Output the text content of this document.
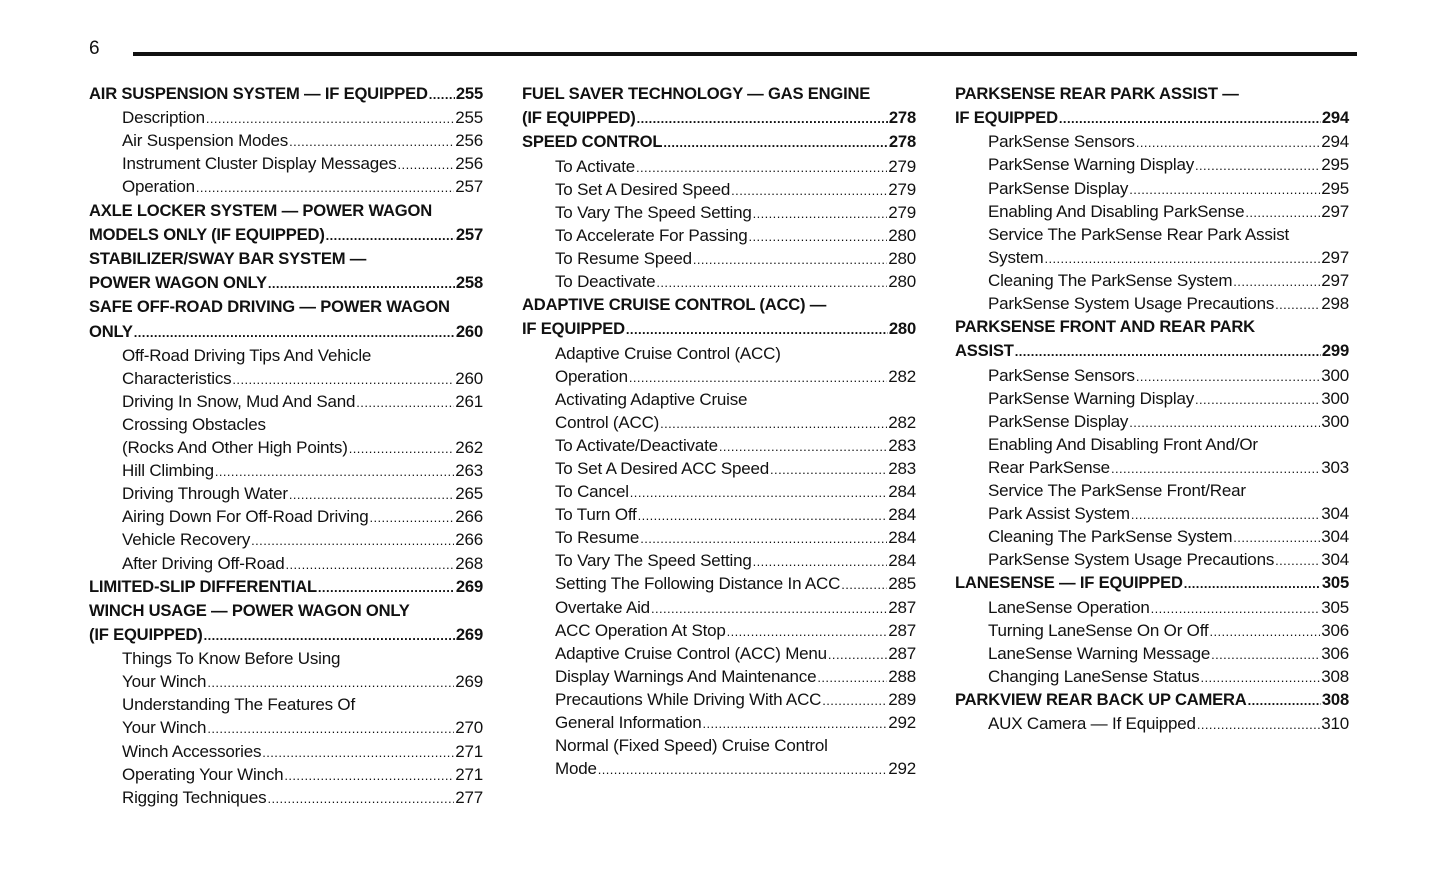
6
AIR SUSPENSION SYSTEM — IF EQUIPPED ..... 255
Description .....	255
Air Suspension Modes .....	256
Instrument Cluster Display Messages .....	256
Operation .....	257
AXLE LOCKER SYSTEM — POWER WAGON
MODELS ONLY (IF EQUIPPED) .....	257
STABILIZER/SWAY BAR SYSTEM —
POWER WAGON ONLY .....	258
SAFE OFF-ROAD DRIVING — POWER WAGON
ONLY .....	260
Off-Road Driving Tips And Vehicle
Characteristics .....	260
Driving In Snow, Mud And Sand .....	261
Crossing Obstacles
(Rocks And Other High Points) .....	262
Hill Climbing .....	263
Driving Through Water .....	265
Airing Down For Off-Road Driving .....	266
Vehicle Recovery .....	266
After Driving Off-Road .....	268
LIMITED-SLIP DIFFERENTIAL .....	269
WINCH USAGE — POWER WAGON ONLY
(IF EQUIPPED) .....	269
Things To Know Before Using
Your Winch .....	269
Understanding The Features Of
Your Winch .....	270
Winch Accessories .....	271
Operating Your Winch .....	271
Rigging Techniques .....	277
FUEL SAVER TECHNOLOGY — GAS ENGINE
(IF EQUIPPED) .....	278
SPEED CONTROL .....	278
To Activate .....	279
To Set A Desired Speed .....	279
To Vary The Speed Setting .....	279
To Accelerate For Passing .....	280
To Resume Speed .....	280
To Deactivate .....	280
ADAPTIVE CRUISE CONTROL (ACC) —
IF EQUIPPED .....	280
Adaptive Cruise Control (ACC)
Operation .....	282
Activating Adaptive Cruise
Control (ACC) .....	282
To Activate/Deactivate .....	283
To Set A Desired ACC Speed .....	283
To Cancel .....	284
To Turn Off .....	284
To Resume .....	284
To Vary The Speed Setting .....	284
Setting The Following Distance In ACC .....	285
Overtake Aid .....	287
ACC Operation At Stop .....	287
Adaptive Cruise Control (ACC) Menu .....	287
Display Warnings And Maintenance .....	288
Precautions While Driving With ACC .....	289
General Information .....	292
Normal (Fixed Speed) Cruise Control
Mode .....	292
PARKSENSE REAR PARK ASSIST —
IF EQUIPPED .....	294
ParkSense Sensors .....	294
ParkSense Warning Display .....	295
ParkSense Display .....	295
Enabling And Disabling ParkSense .....	297
Service The ParkSense Rear Park Assist
System .....	297
Cleaning The ParkSense System .....	297
ParkSense System Usage Precautions .....	298
PARKSENSE FRONT AND REAR PARK
ASSIST .....	299
ParkSense Sensors .....	300
ParkSense Warning Display .....	300
ParkSense Display .....	300
Enabling And Disabling Front And/Or
Rear ParkSense .....	303
Service The ParkSense Front/Rear
Park Assist System .....	304
Cleaning The ParkSense System .....	304
ParkSense System Usage Precautions .....	304
LANESENSE — IF EQUIPPED .....	305
LaneSense Operation .....	305
Turning LaneSense On Or Off .....	306
LaneSense Warning Message .....	306
Changing LaneSense Status .....	308
PARKVIEW REAR BACK UP CAMERA .....	308
AUX Camera — If Equipped .....	310
